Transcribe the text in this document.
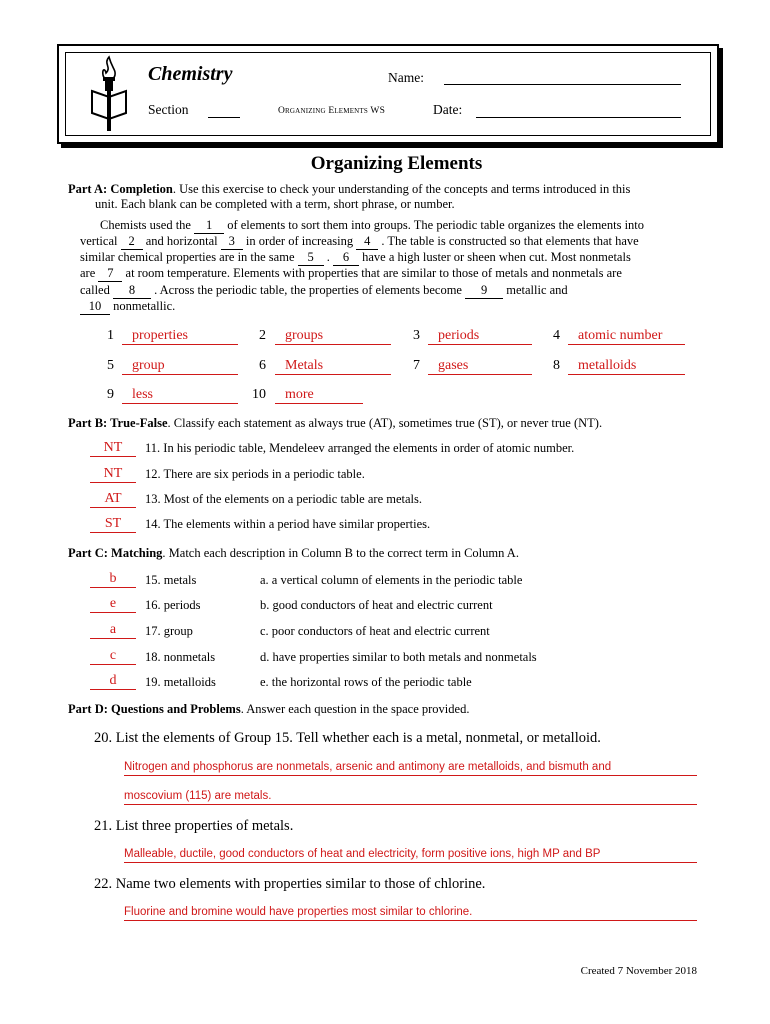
Chemistry	Name:
Section	Organizing Elements WS	Date:
Organizing Elements
Part A: Completion. Use this exercise to check your understanding of the concepts and terms introduced in this
unit. Each blank can be completed with a term, short phrase, or number.
Chemists used the 1 of elements to sort them into groups. The periodic table organizes the elements into
vertical 2 and horizontal 3 in order of increasing 4 . The table is constructed so that elements that have
similar chemical properties are in the same 5 . 6 have a high luster or sheen when cut. Most nonmetals
are 7 at room temperature. Elements with properties that are similar to those of metals and nonmetals are
called 8 . Across the periodic table, the properties of elements become 9 metallic and
10 nonmetallic.
1	properties	2	groups	3	periods	4	atomic number
5	group	6	Metals	7	gases	8	metalloids
9	less	10	more
Part B: True-False. Classify each statement as always true (AT), sometimes true (ST), or never true (NT).
NT	11. In his periodic table, Mendeleev arranged the elements in order of atomic number.
NT	12. There are six periods in a periodic table.
AT	13. Most of the elements on a periodic table are metals.
ST	14. The elements within a period have similar properties.
Part C: Matching. Match each description in Column B to the correct term in Column A.
b	15. metals	a. a vertical column of elements in the periodic table
e	16. periods	b. good conductors of heat and electric current
a	17. group	c. poor conductors of heat and electric current
c	18. nonmetals	d. have properties similar to both metals and nonmetals
d	19. metalloids	e. the horizontal rows of the periodic table
Part D: Questions and Problems. Answer each question in the space provided.
20. List the elements of Group 15. Tell whether each is a metal, nonmetal, or metalloid.
Nitrogen and phosphorus are nonmetals, arsenic and antimony are metalloids, and bismuth and
moscovium (115) are metals.
21. List three properties of metals.
Malleable, ductile, good conductors of heat and electricity, form positive ions, high MP and BP
22. Name two elements with properties similar to those of chlorine.
Fluorine and bromine would have properties most similar to chlorine.
Created 7 November 2018
